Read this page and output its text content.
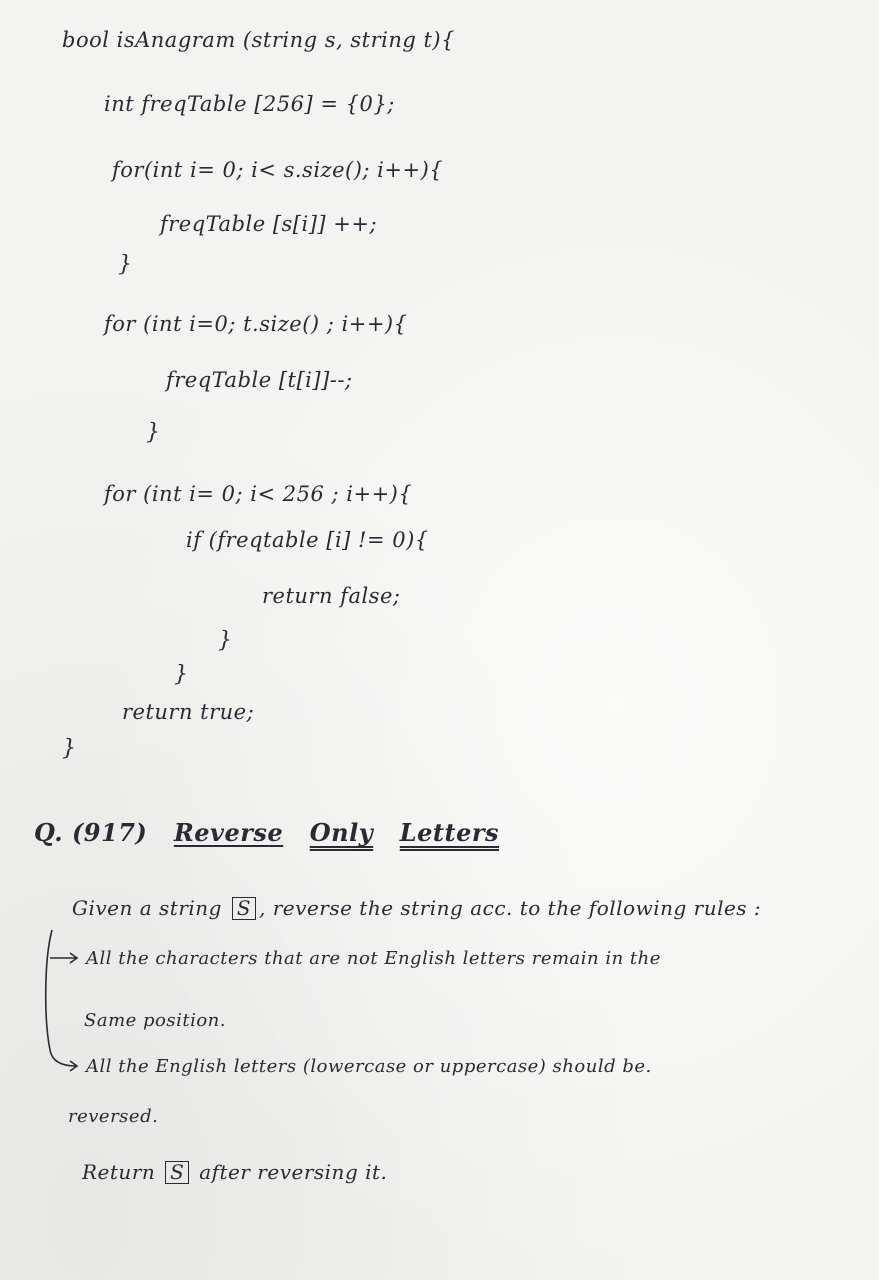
bool isAnagram (string s, string t){
int freqTable [256] = {0};
for(int i= 0; i< s.size(); i++){
freqTable [s[i]] ++;
}
for (int i=0; t.size() ; i++){
freqTable [t[i]]--;
}
for (int i= 0; i< 256 ; i++){
if (freqtable [i] != 0){
return false;
}
}
return true;
}
Q. (917) Reverse Only Letters
Given a string S , reverse the string acc. to the following rules :
All the characters that are not English letters remain in the
Same position.
All the English letters (lowercase or uppercase) should be.
reversed.
Return S after reversing it.
